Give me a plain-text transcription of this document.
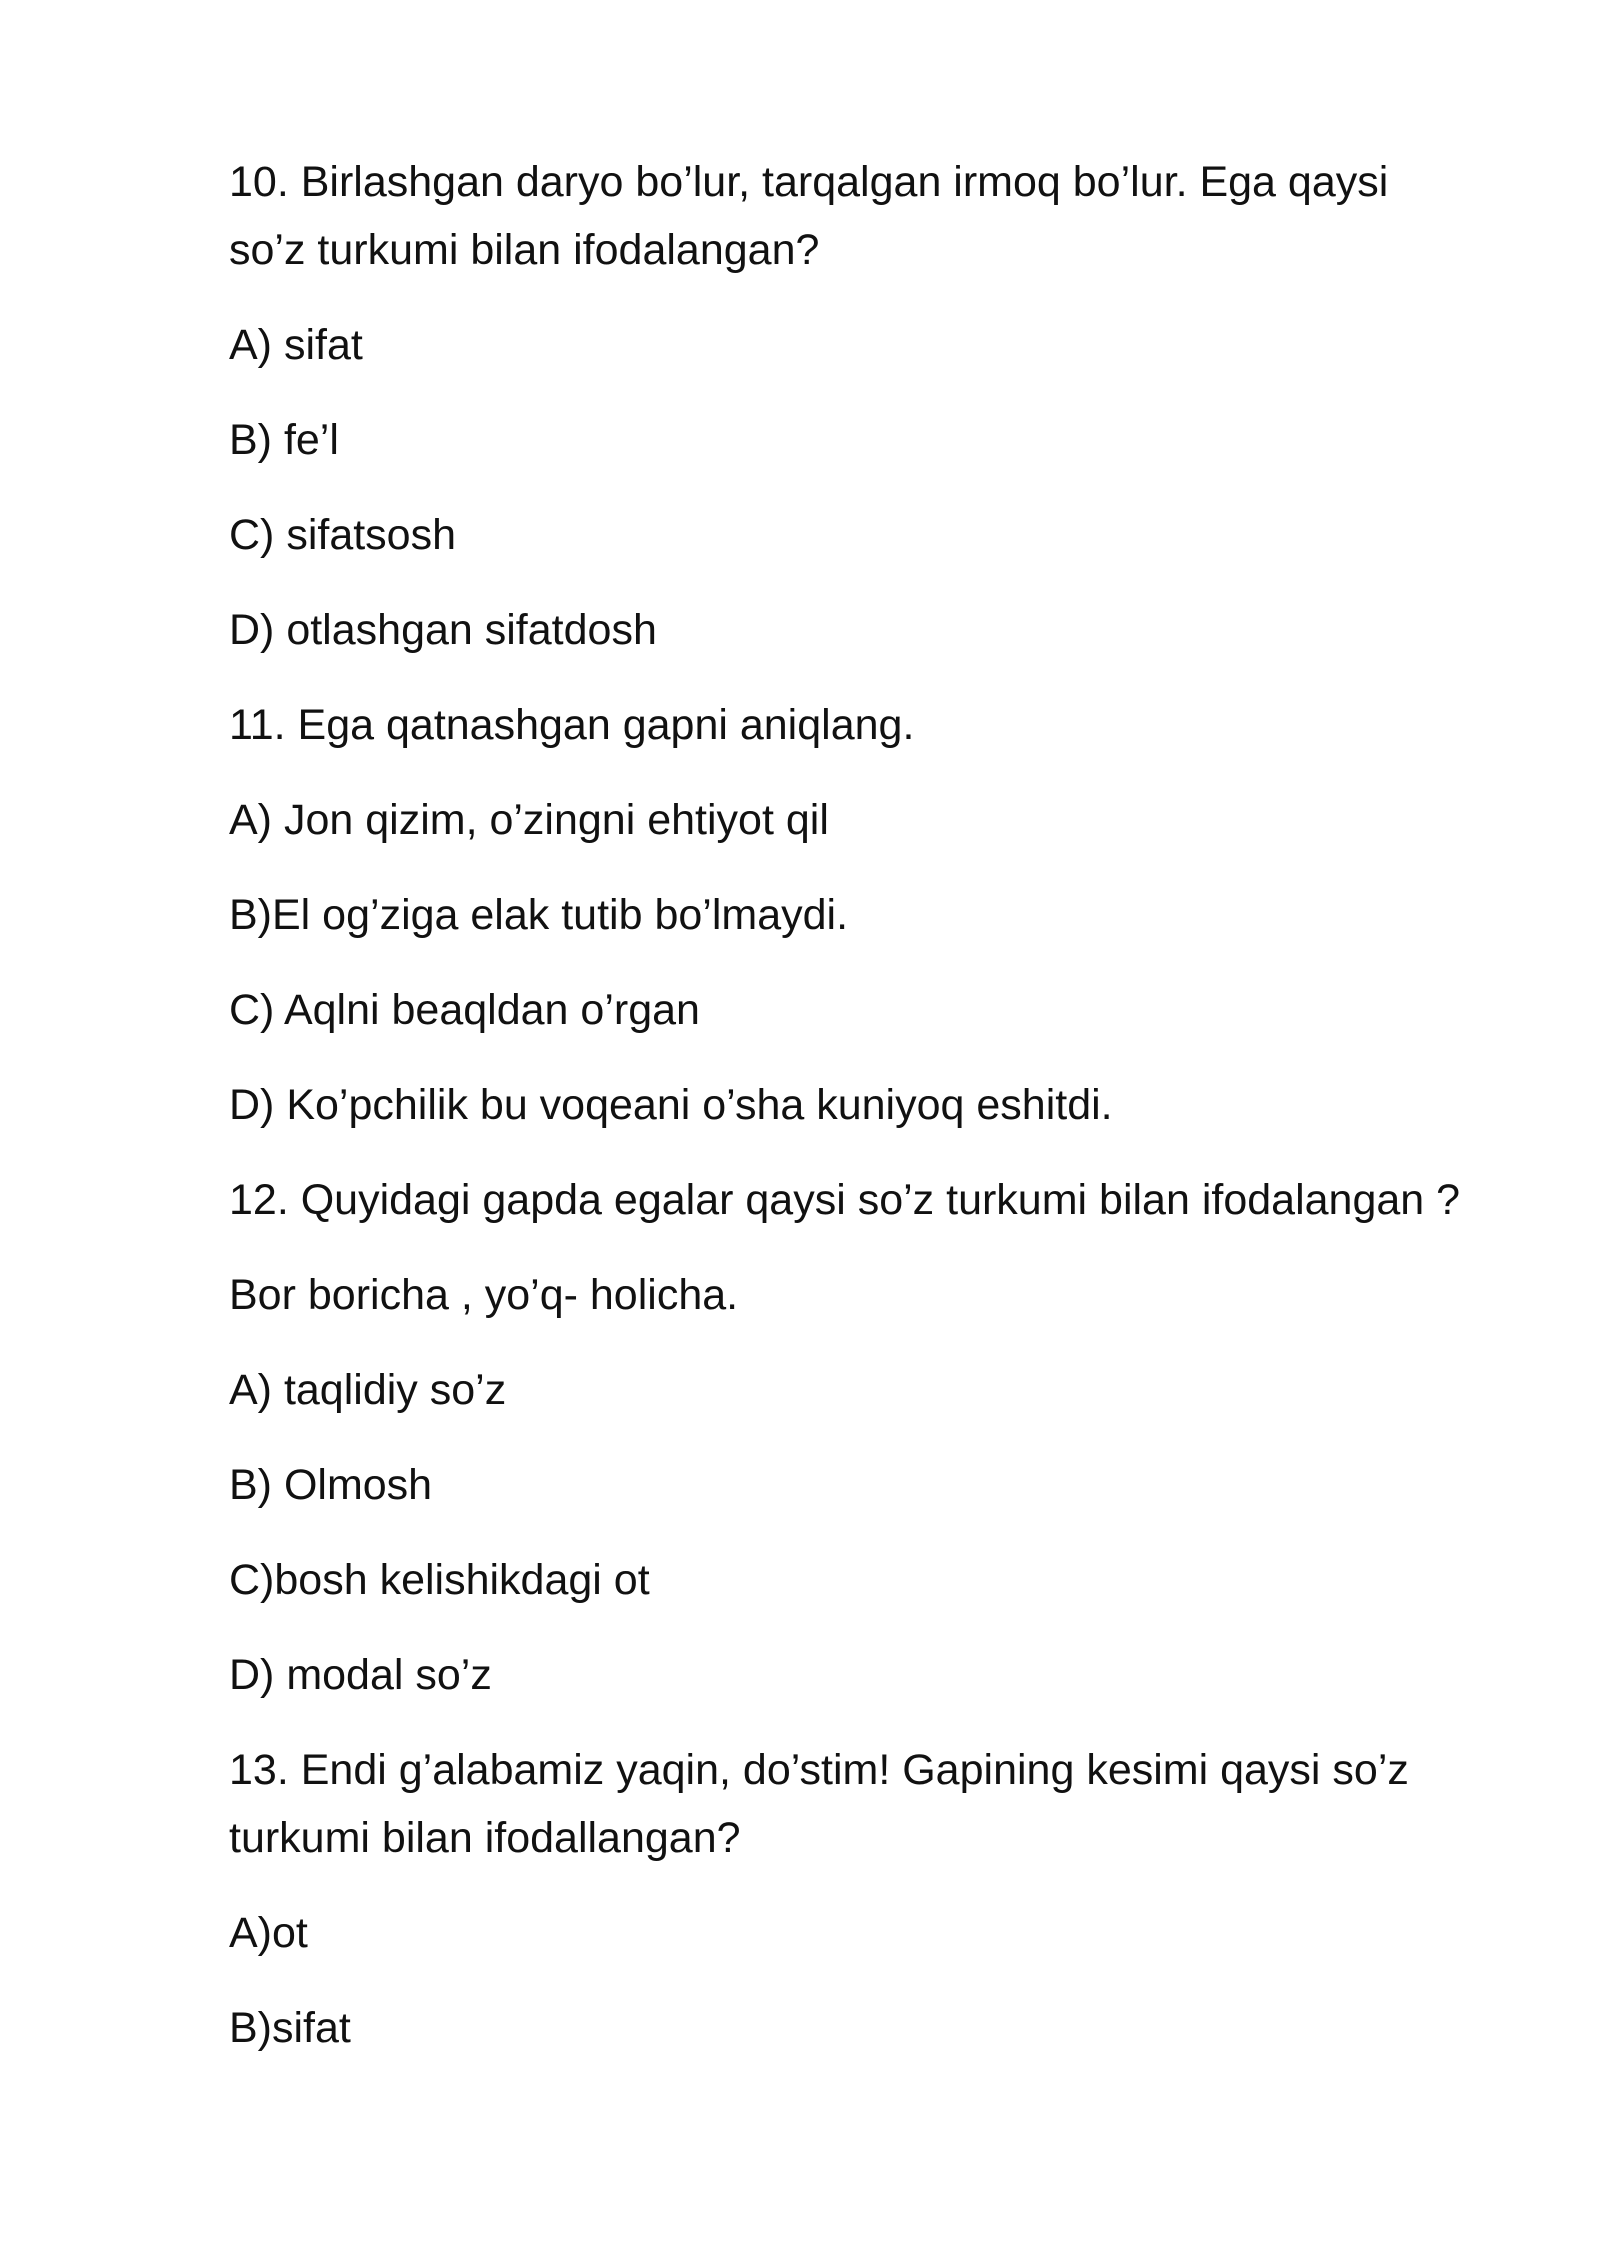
10. Birlashgan daryo bo’lur, tarqalgan irmoq bo’lur. Ega qaysi
so’z turkumi bilan ifodalangan?
A) sifat
B) fe’l
C) sifatsosh
D) otlashgan sifatdosh
11. Ega qatnashgan gapni aniqlang.
A) Jon qizim, o’zingni ehtiyot qil
B)El og’ziga elak tutib bo’lmaydi.
C) Aqlni beaqldan o’rgan
D) Ko’pchilik bu voqeani o’sha kuniyoq eshitdi.
12. Quyidagi gapda egalar qaysi so’z turkumi bilan ifodalangan ?
Bor boricha , yo’q- holicha.
A) taqlidiy so’z
B) Olmosh
C)bosh kelishikdagi ot
D) modal so’z
13. Endi g’alabamiz yaqin, do’stim! Gapining kesimi qaysi so’z
turkumi bilan ifodallangan?
A)ot
B)sifat
